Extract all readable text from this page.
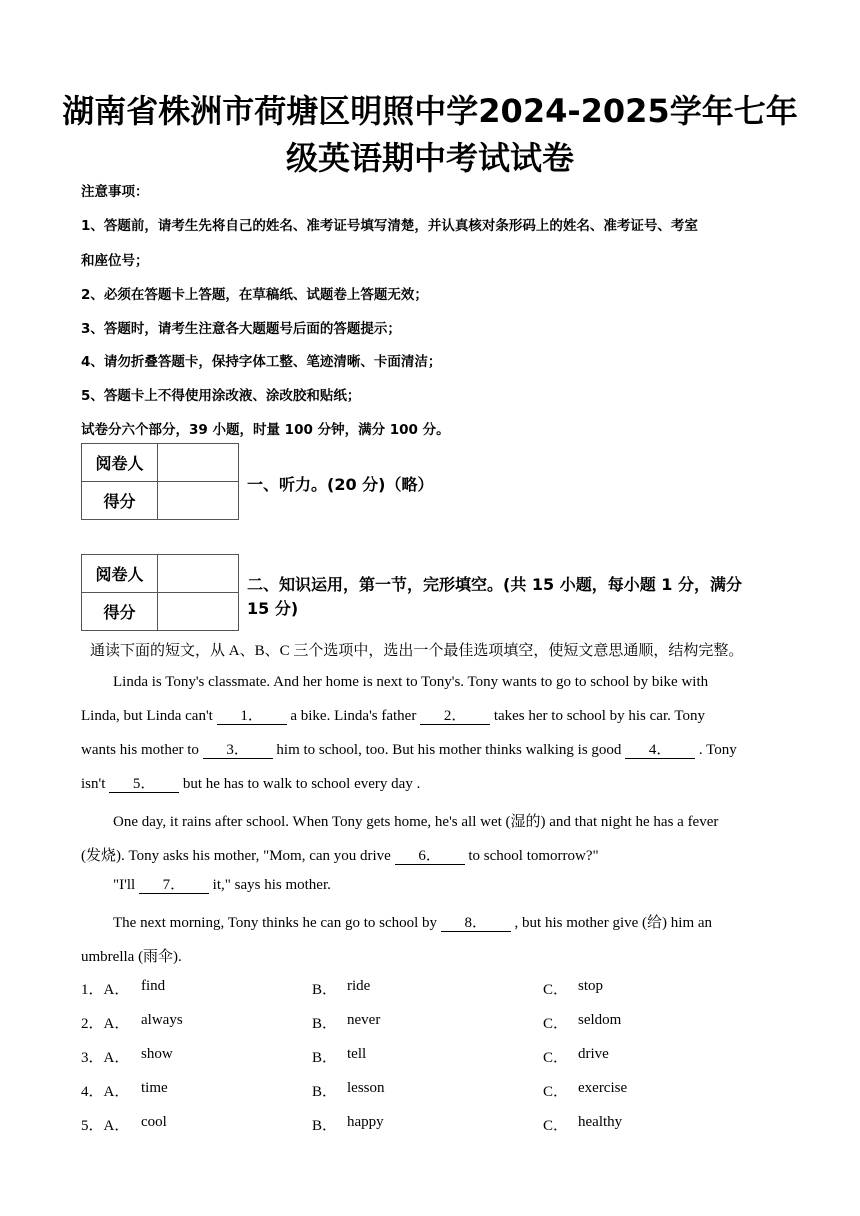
湖南省株洲市荷塘区明照中学2024-2025学年七年
级英语期中考试试卷
注意事项：
1、答题前，请考生先将自己的姓名、准考证号填写清楚，并认真核对条形码上的姓名、准考证号、考室
和座位号；
2、必须在答题卡上答题，在草稿纸、试题卷上答题无效；
3、答题时，请考生注意各大题题号后面的答题提示；
4、请勿折叠答题卡，保持字体工整、笔迹清晰、卡面清洁；
5、答题卡上不得使用涂改液、涂改胶和贴纸；
试卷分六个部分，39 小题，时量 100 分钟，满分 100 分。
阅卷人	
得分	
一、听力。(20 分)（略）
阅卷人	
得分	
二、知识运用，第一节，完形填空。(共 15 小题，每小题 1 分，满分
15 分)
通读下面的短文，从 A、B、C 三个选项中，选出一个最佳选项填空，使短文意思通顺，结构完整。
Linda is Tony's classmate. And her home is next to Tony's. Tony wants to go to school by bike with
Linda, but Linda can't 1． a bike. Linda's father 2． takes her to school by his car. Tony
wants his mother to 3． him to school, too. But his mother thinks walking is good 4． . Tony
isn't 5． but he has to walk to school every day .
One day, it rains after school. When Tony gets home, he's all wet (湿的) and that night he has a fever
(发烧). Tony asks his mother, "Mom, can you drive 6． to school tomorrow?"
"I'll 7． it," says his mother.
The next morning, Tony thinks he can go to school by 8． , but his mother give (给) him an
umbrella (雨伞).
1．A． find	B． ride	C． stop
2．A． always	B． never	C． seldom
3．A． show	B． tell	C． drive
4．A． time	B． lesson	C． exercise
5．A． cool	B． happy	C． healthy
